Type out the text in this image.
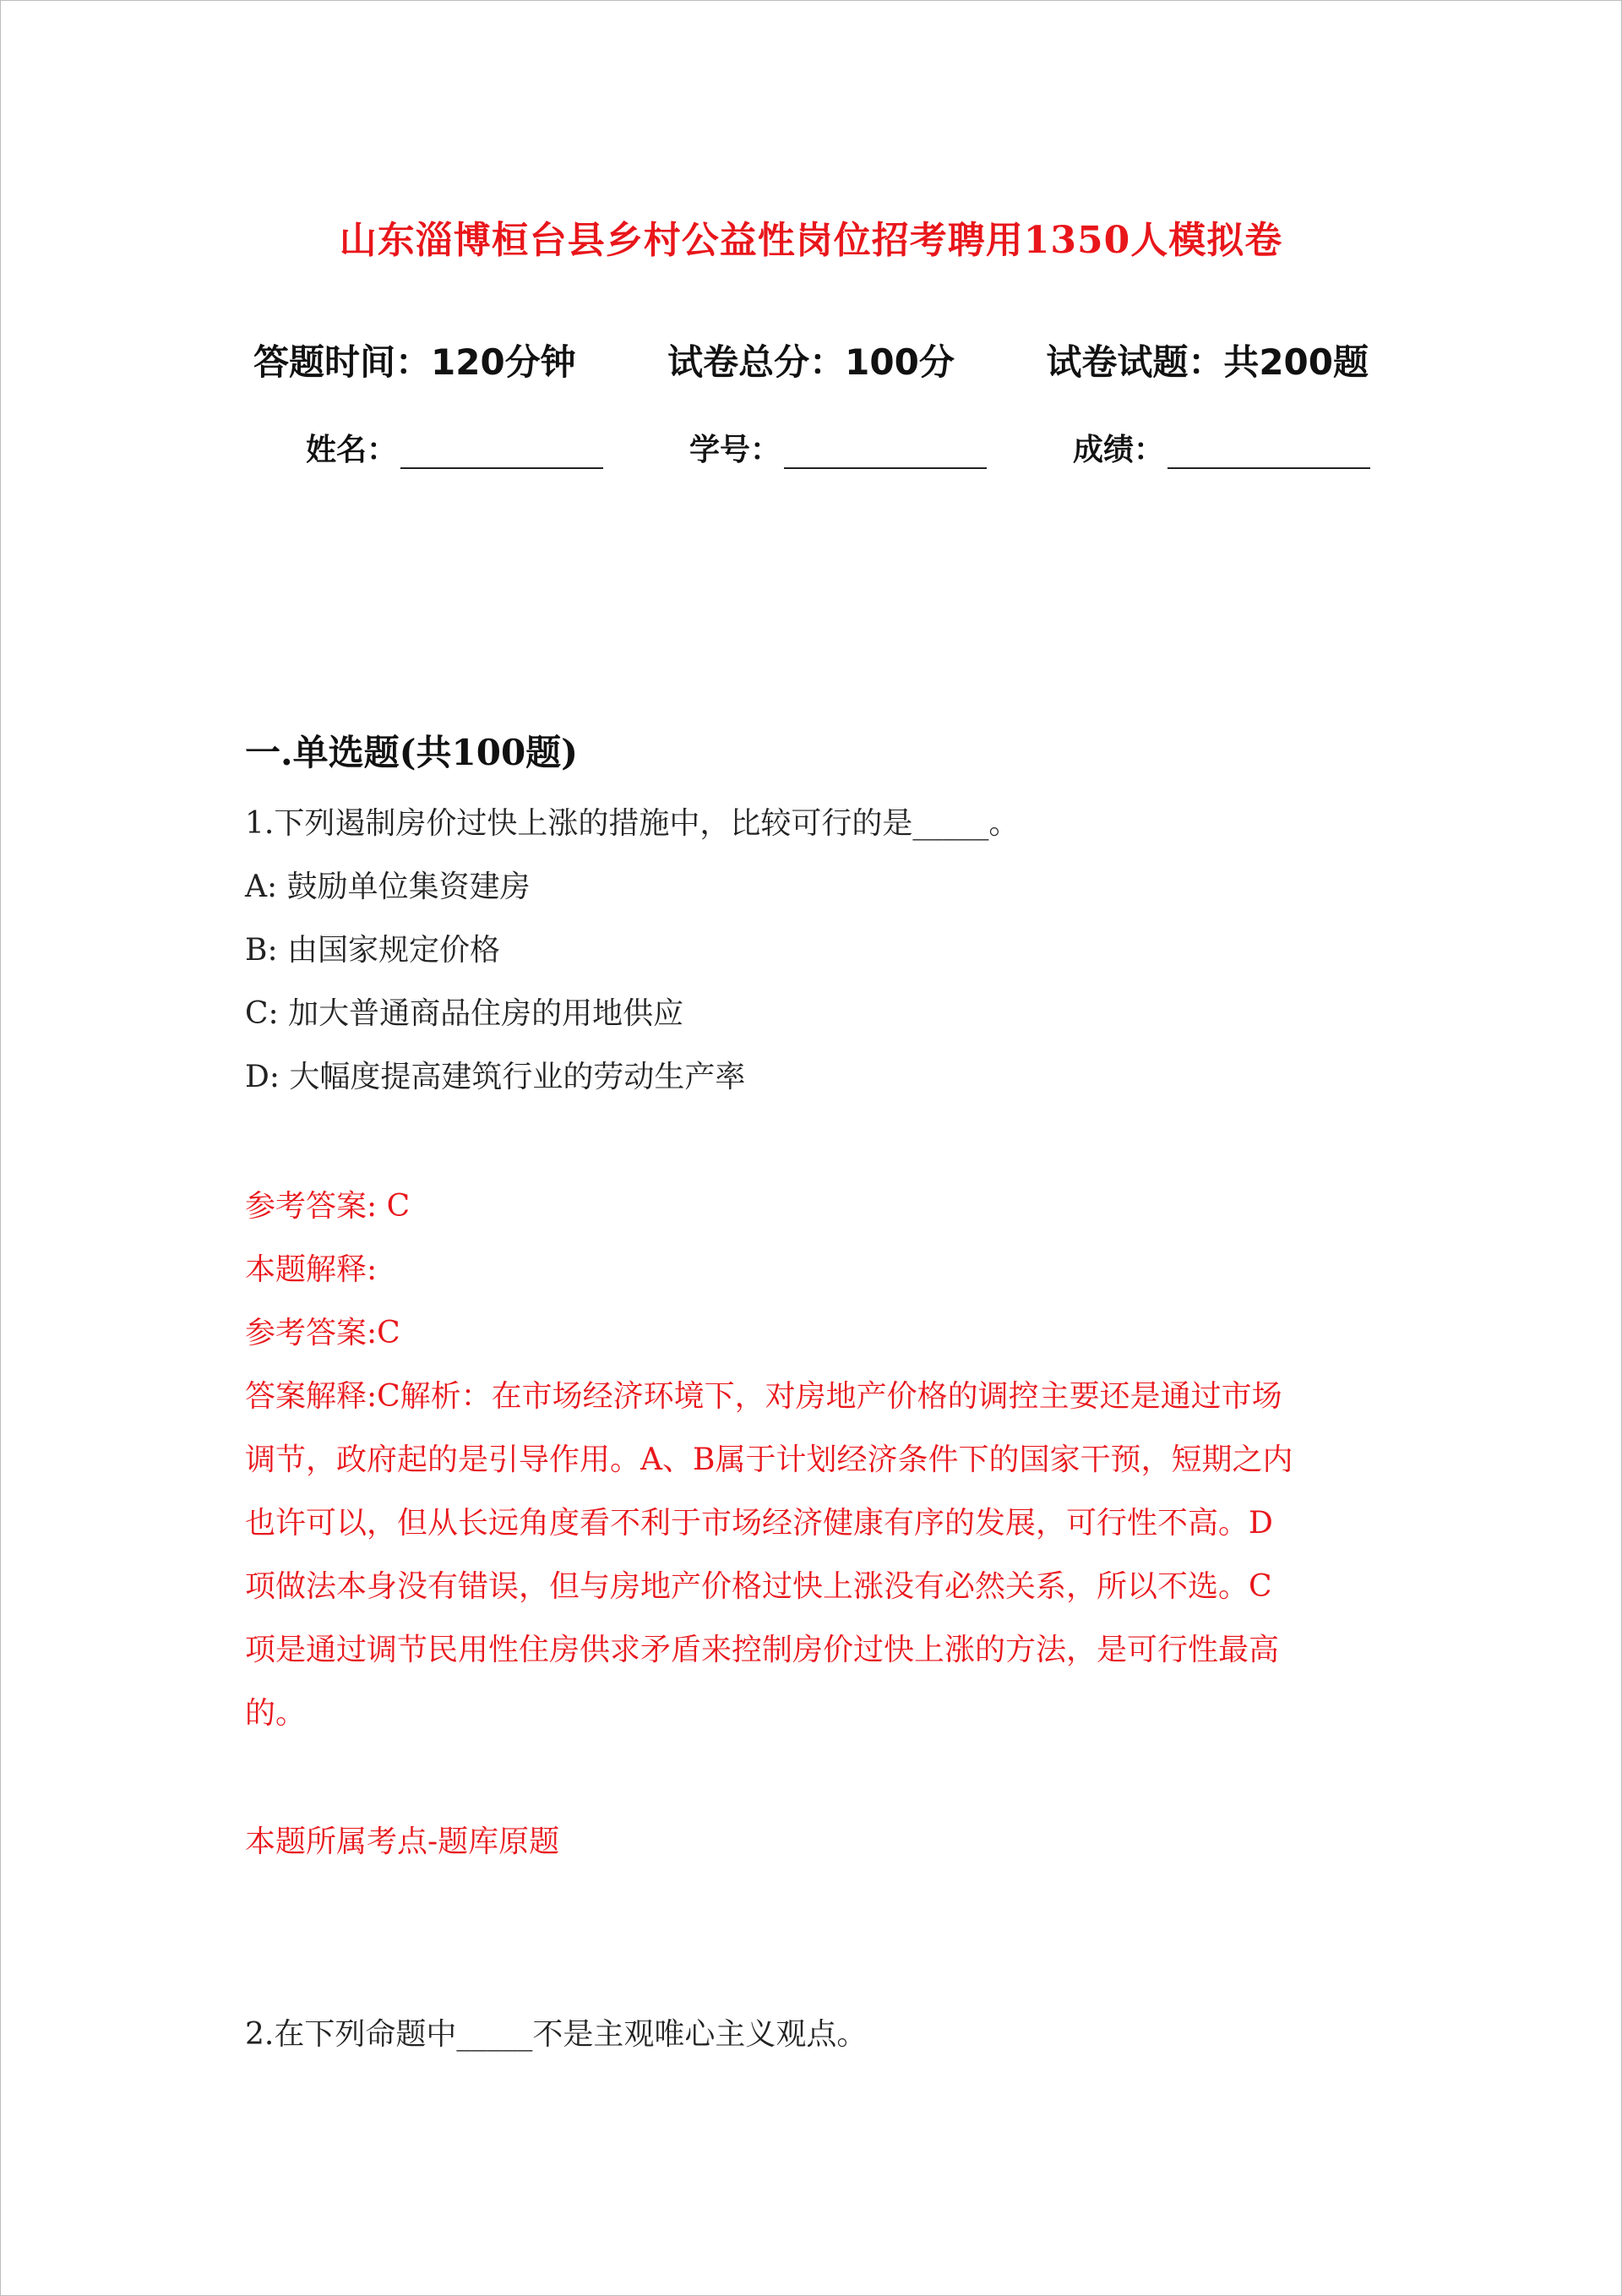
山东淄博桓台县乡村公益性岗位招考聘用1350人模拟卷
答题时间：120分钟	试卷总分：100分	试卷试题：共200题
姓名：	学号：	成绩：
一.单选题(共100题)
1.下列遏制房价过快上涨的措施中，比较可行的是_____。
A: 鼓励单位集资建房
B: 由国家规定价格
C: 加大普通商品住房的用地供应
D: 大幅度提高建筑行业的劳动生产率
参考答案: C
本题解释:
参考答案:C

答案解释:C解析：在市场经济环境下，对房地产价格的调控主要还是通过市场

调节，政府起的是引导作用。A、B属于计划经济条件下的国家干预，短期之内

也许可以，但从长远角度看不利于市场经济健康有序的发展，可行性不高。D

项做法本身没有错误，但与房地产价格过快上涨没有必然关系，所以不选。C

项是通过调节民用性住房供求矛盾来控制房价过快上涨的方法，是可行性最高

的。

本题所属考点-题库原题
2.在下列命题中_____不是主观唯心主义观点。
